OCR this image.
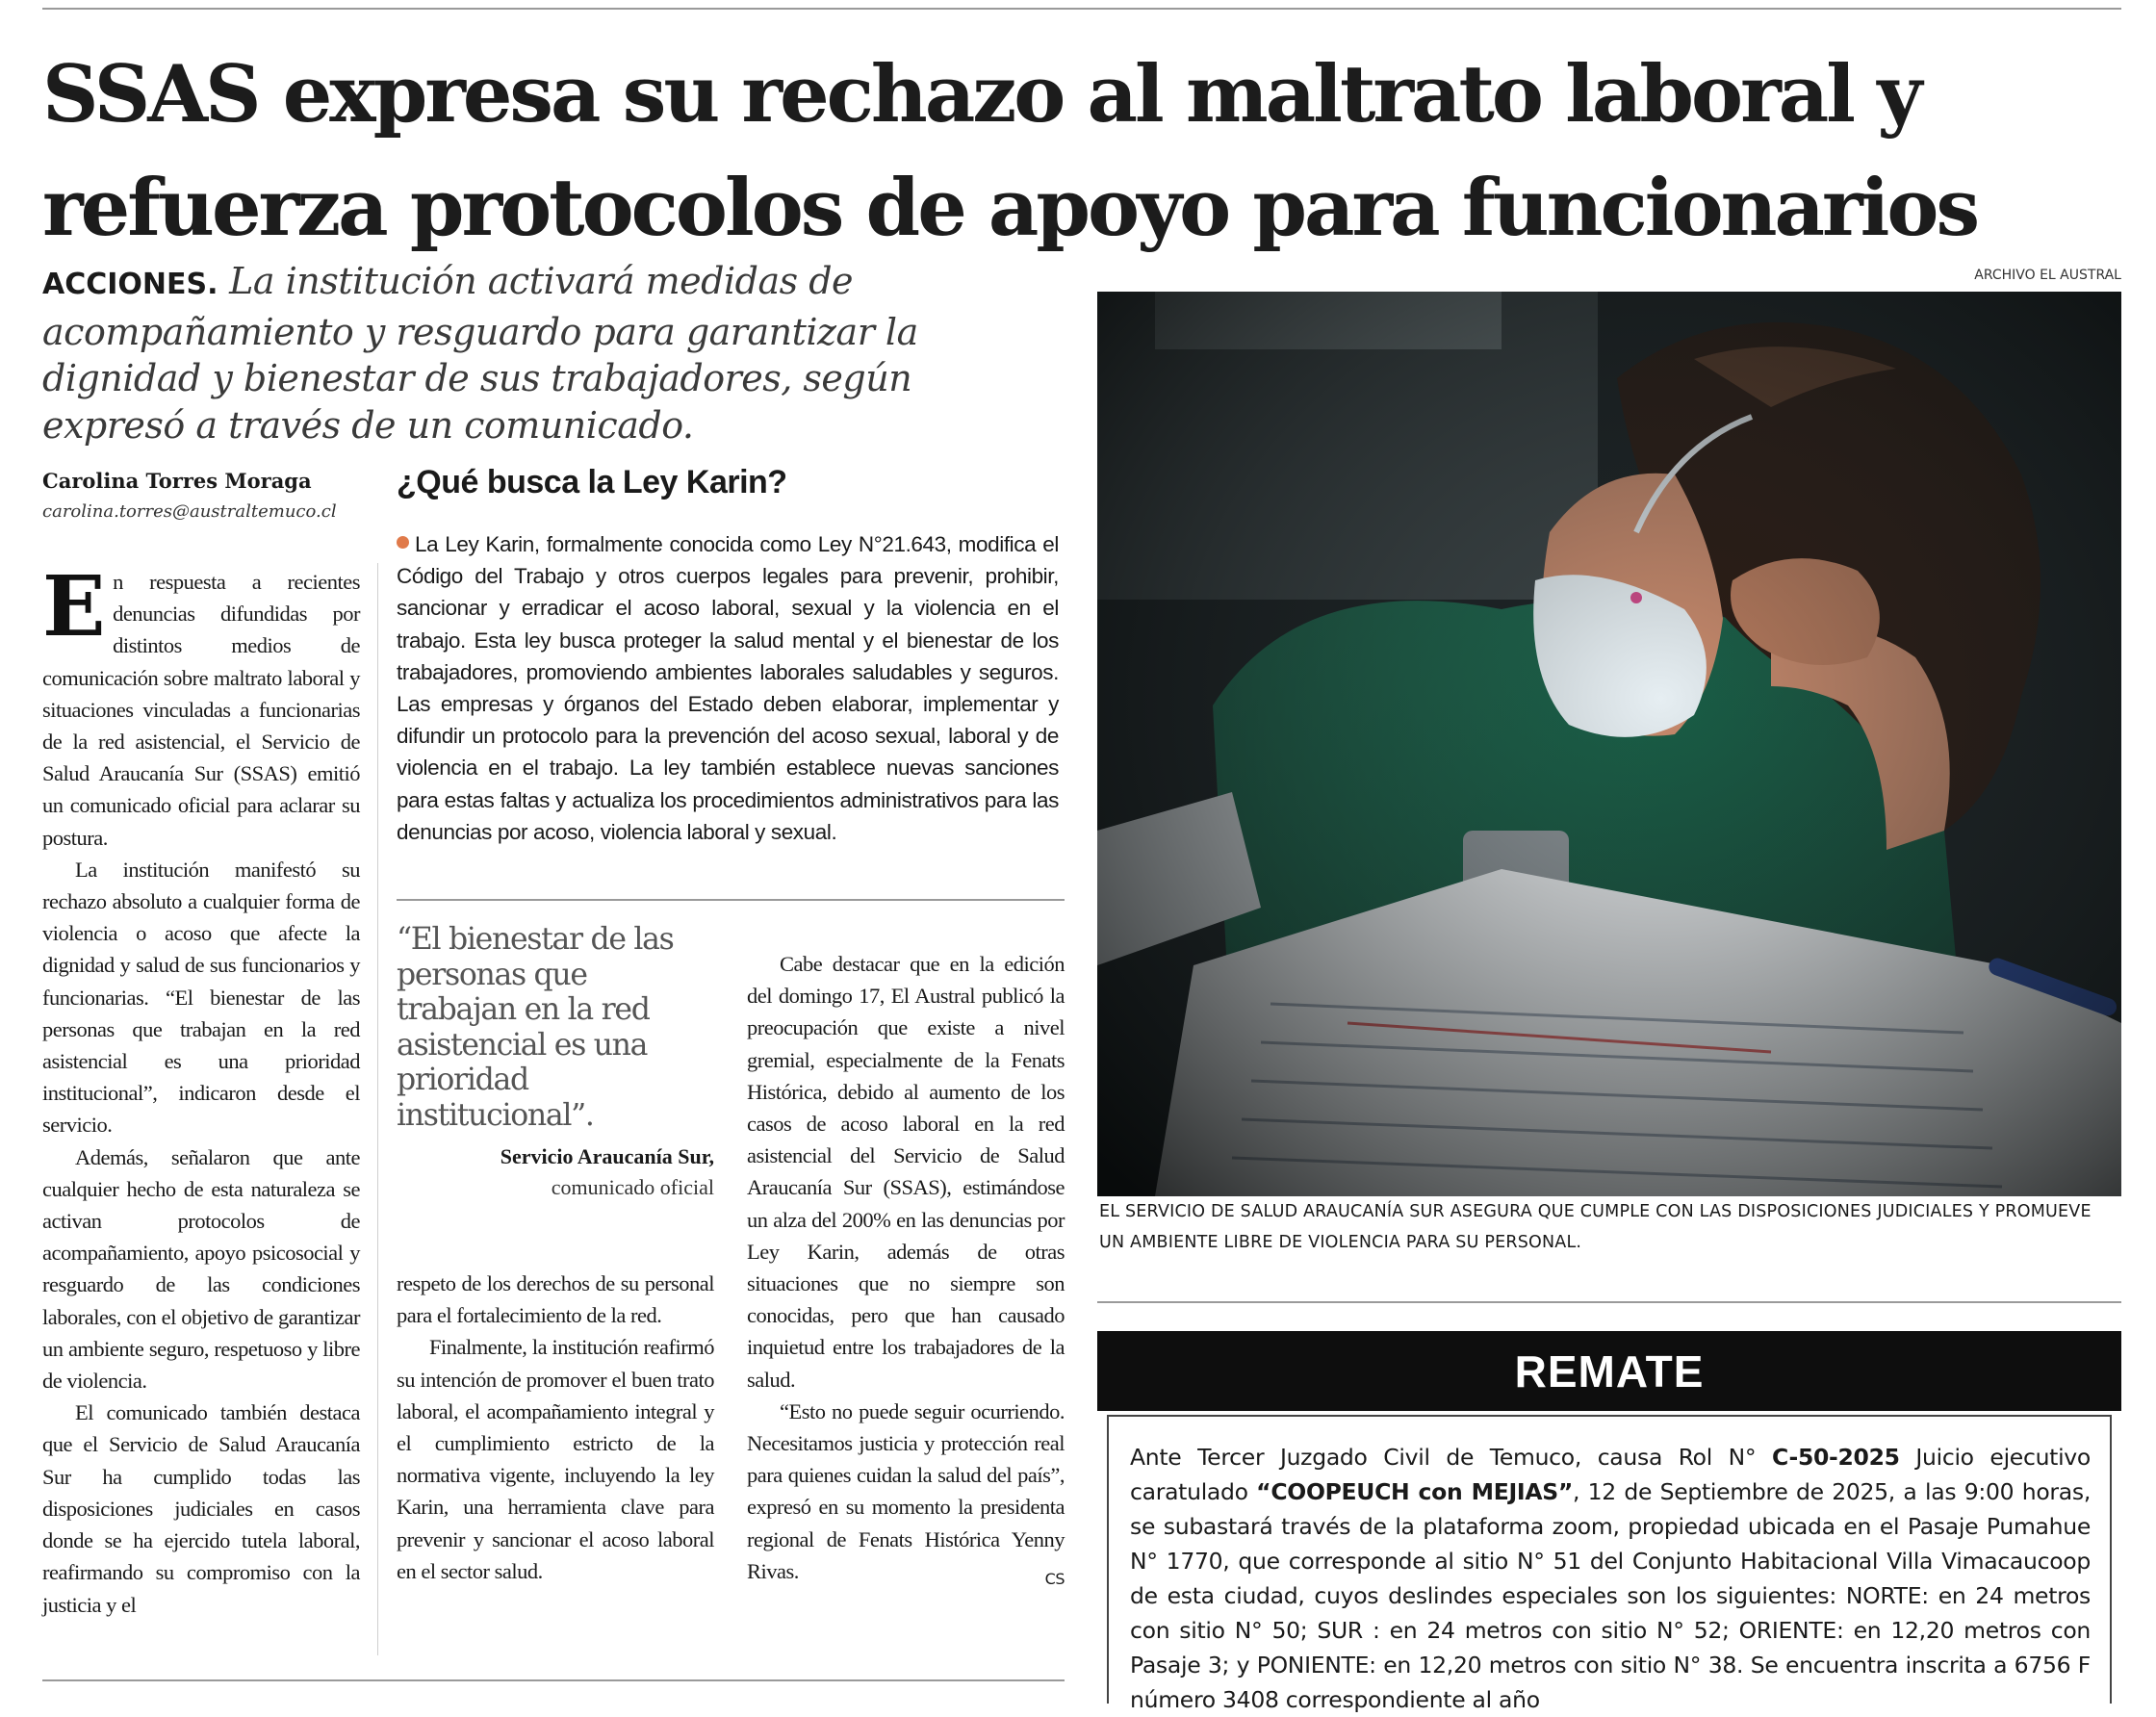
SSAS expresa su rechazo al maltrato laboral y refuerza protocolos de apoyo para funcionarios

ACCIONES. La institución activará medidas de acompañamiento y resguardo para garantizar la dignidad y bienestar de sus trabajadores, según expresó a través de un comunicado.

Carolina Torres Moraga
carolina.torres@australtemuco.cl
E n respuesta a recientes denuncias difundidas por distintos medios de comunicación sobre maltrato laboral y situaciones vinculadas a funcionarias de la red asistencial, el Servicio de Salud Araucanía Sur (SSAS) emitió un comunicado oficial para aclarar su postura.

La institución manifestó su rechazo absoluto a cualquier forma de violencia o acoso que afecte la dignidad y salud de sus funcionarios y funcionarias. “El bienestar de las personas que trabajan en la red asistencial es una prioridad institucional”, indicaron desde el servicio.

Además, señalaron que ante cualquier hecho de esta naturaleza se activan protocolos de acompañamiento, apoyo psicosocial y resguardo de las condiciones laborales, con el objetivo de garantizar un ambiente seguro, respetuoso y libre de violencia.

El comunicado también destaca que el Servicio de Salud Araucanía Sur ha cumplido todas las disposiciones judiciales en casos donde se ha ejercido tutela laboral, reafirmando su compromiso con la justicia y el

¿Qué busca la Ley Karin?

La Ley Karin, formalmente conocida como Ley N°21.643, modifica el Código del Trabajo y otros cuerpos legales para prevenir, prohibir, sancionar y erradicar el acoso laboral, sexual y la violencia en el trabajo. Esta ley busca proteger la salud mental y el bienestar de los trabajadores, promoviendo ambientes laborales saludables y seguros. Las empresas y órganos del Estado deben elaborar, implementar y difundir un protocolo para la prevención del acoso sexual, laboral y de violencia en el trabajo. La ley también establece nuevas sanciones para estas faltas y actualiza los procedimientos administrativos para las denuncias por acoso, violencia laboral y sexual.

“El bienestar de las personas que trabajan en la red asistencial es una prioridad institucional”.

Servicio Araucanía Sur,
comunicado oficial

respeto de los derechos de su personal para el fortalecimiento de la red.

Finalmente, la institución reafirmó su intención de promover el buen trato laboral, el acompañamiento integral y el cumplimiento estricto de la normativa vigente, incluyendo la ley Karin, una herramienta clave para prevenir y sancionar el acoso laboral en el sector salud.

Cabe destacar que en la edición del domingo 17, El Austral publicó la preocupación que existe a nivel gremial, especialmente de la Fenats Histórica, debido al aumento de los casos de acoso laboral en la red asistencial del Servicio de Salud Araucanía Sur (SSAS), estimándose un alza del 200% en las denuncias por Ley Karin, además de otras situaciones que no siempre son conocidas, pero que han causado inquietud entre los trabajadores de la salud.

“Esto no puede seguir ocurriendo. Necesitamos justicia y protección real para quienes cuidan la salud del país”, expresó en su momento la presidenta regional de Fenats Histórica Yenny Rivas.	CS

ARCHIVO EL AUSTRAL

EL SERVICIO DE SALUD ARAUCANÍA SUR ASEGURA QUE CUMPLE CON LAS DISPOSICIONES JUDICIALES Y PROMUEVE UN AMBIENTE LIBRE DE VIOLENCIA PARA SU PERSONAL.

REMATE

Ante Tercer Juzgado Civil de Temuco, causa Rol N° C-50-2025 Juicio ejecutivo caratulado “COOPEUCH con MEJIAS”, 12 de Septiembre de 2025, a las 9:00 horas, se subastará través de la plataforma zoom, propiedad ubicada en el Pasaje Pumahue N° 1770, que corresponde al sitio N° 51 del Conjunto Habitacional Villa Vimacaucoop de esta ciudad, cuyos deslindes especiales son los siguientes: NORTE: en 24 metros con sitio N° 50; SUR : en 24 metros con sitio N° 52; ORIENTE: en 12,20 metros con Pasaje 3; y PONIENTE: en 12,20 metros con sitio N° 38. Se encuentra inscrita a 6756 F número 3408 correspondiente al año
